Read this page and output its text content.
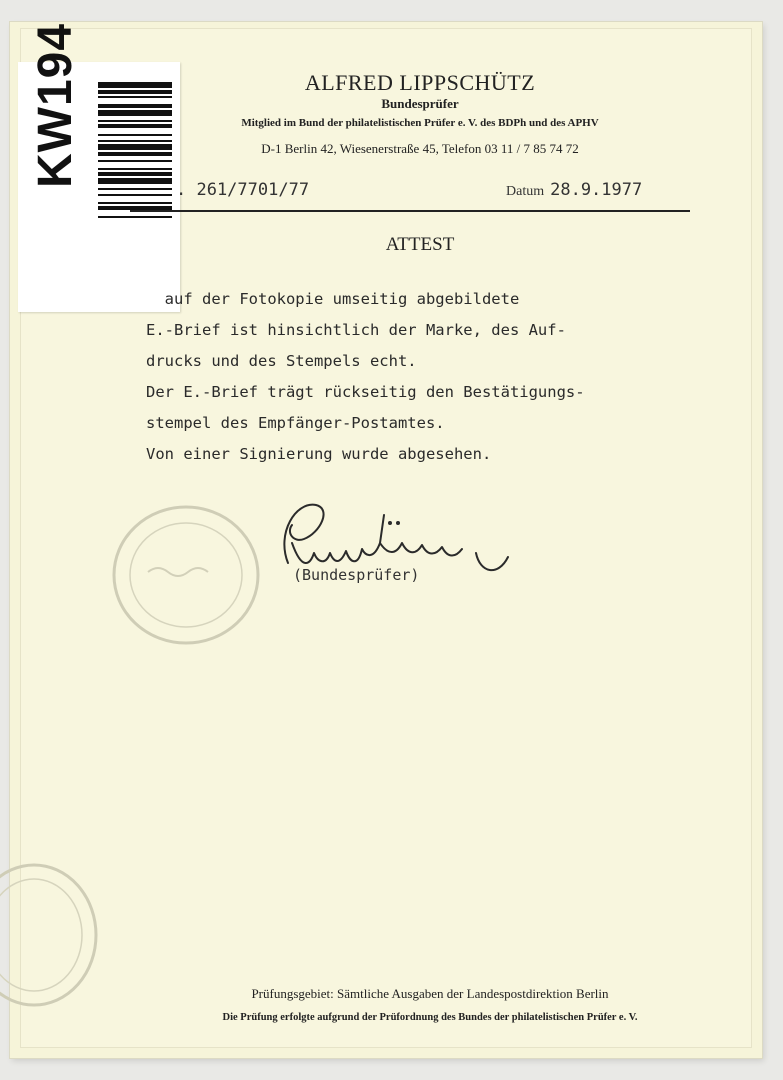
KW194	ALFRED LIPPSCHÜTZ
Bundesprüfer
Mitglied im Bund der philatelistischen Prüfer e. V. des BDPh und des APHV
D-1 Berlin 42, Wiesenerstraße 45, Telefon 03 11 / 7 85 74 72
. 261/7701/77	Datum 28.9.1977
ATTEST
auf der Fotokopie umseitig abgebildete
E.-Brief ist hinsichtlich der Marke, des Auf-
drucks und des Stempels echt.
Der E.-Brief trägt rückseitig den Bestätigungs-
stempel des Empfänger-Postamtes.
Von einer Signierung wurde abgesehen.
(Bundesprüfer)
Prüfungsgebiet: Sämtliche Ausgaben der Landespostdirektion Berlin
Die Prüfung erfolgte aufgrund der Prüfordnung des Bundes der philatelistischen Prüfer e. V.
